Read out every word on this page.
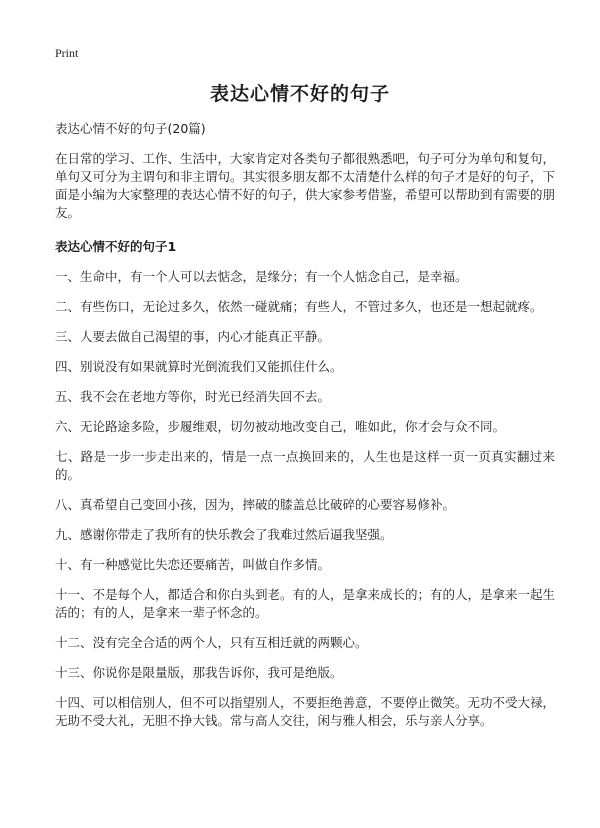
Print
表达心情不好的句子

表达心情不好的句子(20篇)

在日常的学习、工作、生活中，大家肯定对各类句子都很熟悉吧，句子可分为单句和复句，单句又可分为主谓句和非主谓句。其实很多朋友都不太清楚什么样的句子才是好的句子，下面是小编为大家整理的表达心情不好的句子，供大家参考借鉴，希望可以帮助到有需要的朋友。

表达心情不好的句子1

一、生命中，有一个人可以去惦念，是缘分；有一个人惦念自己，是幸福。

二、有些伤口，无论过多久，依然一碰就痛；有些人，不管过多久，也还是一想起就疼。

三、人要去做自己渴望的事，内心才能真正平静。

四、别说没有如果就算时光倒流我们又能抓住什么。

五、我不会在老地方等你，时光已经消失回不去。

六、无论路途多险，步履维艰，切勿被动地改变自己，唯如此，你才会与众不同。

七、路是一步一步走出来的，情是一点一点换回来的，人生也是这样一页一页真实翻过来的。

八、真希望自己变回小孩，因为，摔破的膝盖总比破碎的心要容易修补。

九、感谢你带走了我所有的快乐教会了我难过然后逼我坚强。

十、有一种感觉比失恋还要痛苦，叫做自作多情。

十一、不是每个人，都适合和你白头到老。有的人，是拿来成长的；有的人，是拿来一起生活的；有的人，是拿来一辈子怀念的。

十二、没有完全合适的两个人，只有互相迁就的两颗心。

十三、你说你是限量版，那我告诉你，我可是绝版。

十四、可以相信别人，但不可以指望别人，不要拒绝善意，不要停止微笑。无功不受大禄，无助不受大礼，无胆不挣大钱。常与高人交往，闲与雅人相会，乐与亲人分享。
